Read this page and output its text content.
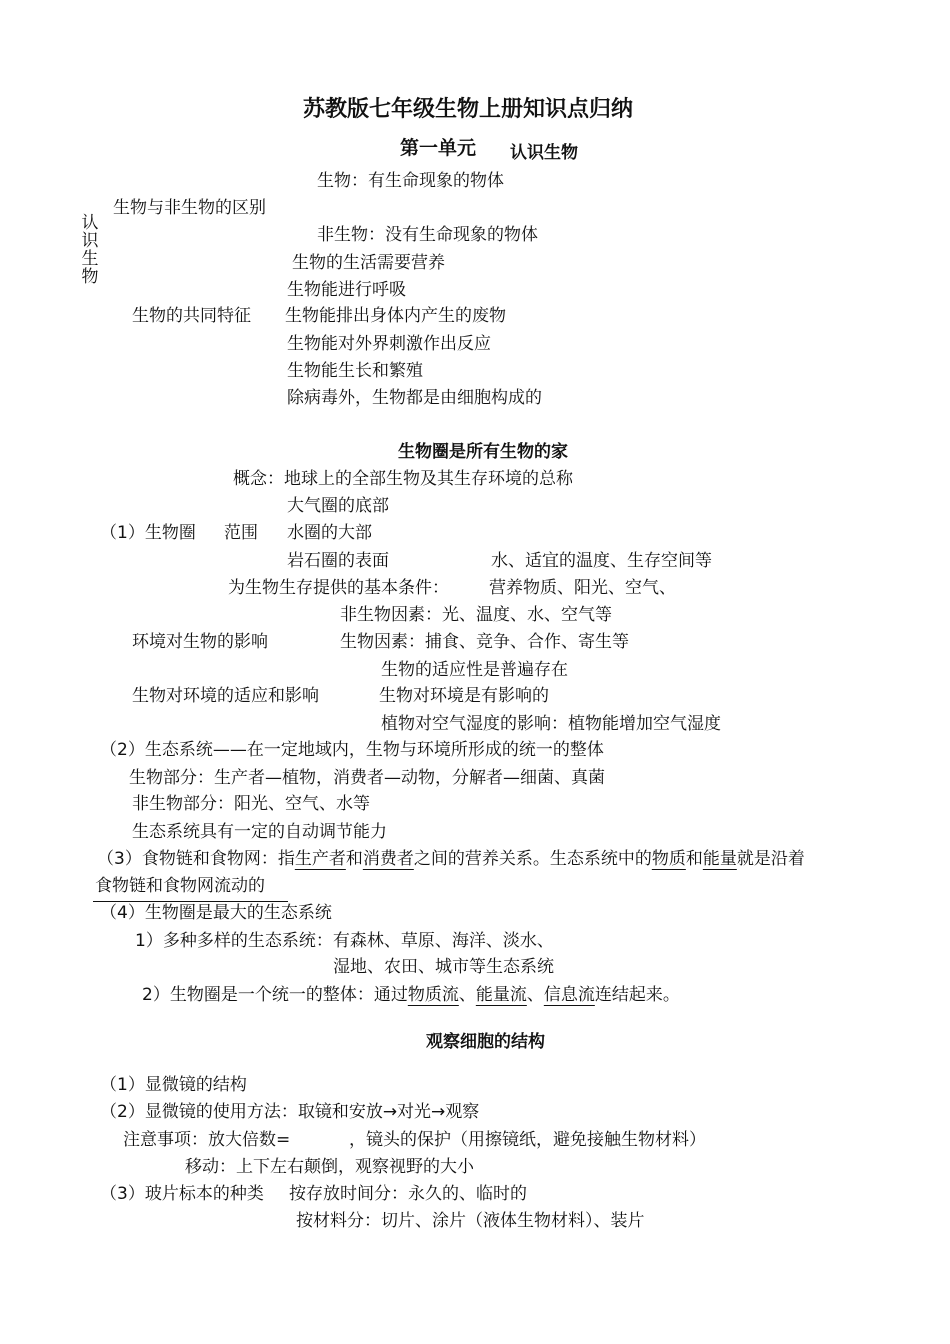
苏教版七年级生物上册知识点归纳
第一单元 认识生物
认
识
生
物
生物：有生命现象的物体
生物与非生物的区别
非生物：没有生命现象的物体
生物的生活需要营养
生物能进行呼吸
生物的共同特征 生物能排出身体内产生的废物
生物能对外界刺激作出反应
生物能生长和繁殖
除病毒外，生物都是由细胞构成的
生物圈是所有生物的家
概念：地球上的全部生物及其生存环境的总称
大气圈的底部
（1）生物圈 范围 水圈的大部
岩石圈的表面	水、适宜的温度、生存空间等
为生物生存提供的基本条件： 营养物质、阳光、空气、
非生物因素：光、温度、水、空气等
环境对生物的影响	生物因素：捕食、竞争、合作、寄生等
生物的适应性是普遍存在
生物对环境的适应和影响	生物对环境是有影响的
植物对空气湿度的影响：植物能增加空气湿度
（2）生态系统——在一定地域内，生物与环境所形成的统一的整体
生物部分：生产者—植物，消费者—动物，分解者—细菌、真菌
非生物部分：阳光、空气、水等
生态系统具有一定的自动调节能力
（3）食物链和食物网：指生产者和消费者之间的营养关系。生态系统中的物质和能量就是沿着
食物链和食物网流动的
（4）生物圈是最大的生态系统
1）多种多样的生态系统：有森林、草原、海洋、淡水、
湿地、农田、城市等生态系统
2）生物圈是一个统一的整体：通过物质流、能量流、信息流连结起来。
观察细胞的结构
（1）显微镜的结构
（2）显微镜的使用方法：取镜和安放→对光→观察
注意事项：放大倍数=	，镜头的保护（用擦镜纸，避免接触生物材料）
移动：上下左右颠倒，观察视野的大小
（3）玻片标本的种类 按存放时间分：永久的、临时的
按材料分：切片、涂片（液体生物材料）、装片
